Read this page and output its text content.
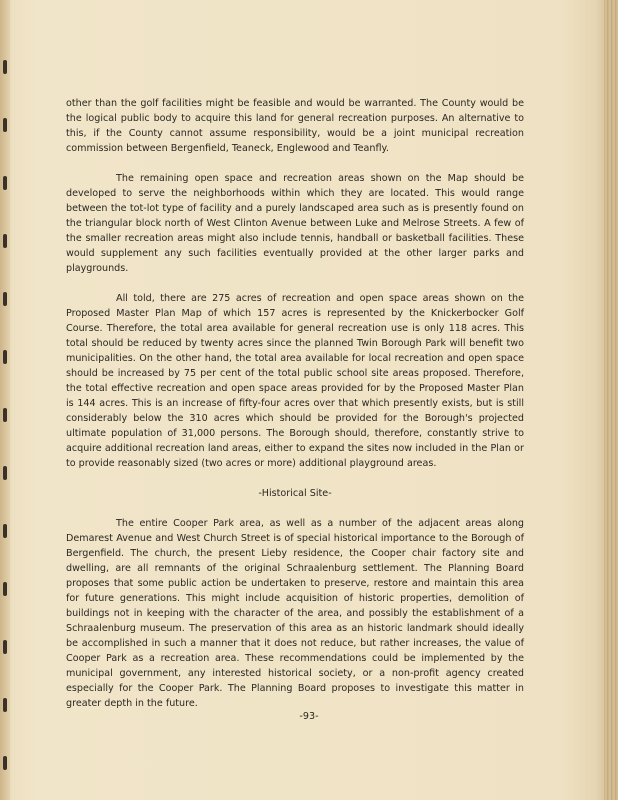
other than the golf facilities might be feasible and would be warranted. The County would be the logical public body to acquire this land for general recreation purposes. An alternative to this, if the County cannot assume responsibility, would be a joint municipal recreation commission between Bergenfield, Teaneck, Englewood and Teanfly.

The remaining open space and recreation areas shown on the Map should be developed to serve the neighborhoods within which they are located. This would range between the tot-lot type of facility and a purely landscaped area such as is presently found on the triangular block north of West Clinton Avenue between Luke and Melrose Streets. A few of the smaller recreation areas might also include tennis, handball or basketball facilities. These would supplement any such facilities eventually provided at the other larger parks and playgrounds.

All told, there are 275 acres of recreation and open space areas shown on the Proposed Master Plan Map of which 157 acres is represented by the Knickerbocker Golf Course. Therefore, the total area available for general recreation use is only 118 acres. This total should be reduced by twenty acres since the planned Twin Borough Park will benefit two municipalities. On the other hand, the total area available for local recreation and open space should be increased by 75 per cent of the total public school site areas proposed. Therefore, the total effective recreation and open space areas provided for by the Proposed Master Plan is 144 acres. This is an increase of fifty-four acres over that which presently exists, but is still considerably below the 310 acres which should be provided for the Borough's projected ultimate population of 31,000 persons. The Borough should, therefore, constantly strive to acquire additional recreation land areas, either to expand the sites now included in the Plan or to provide reasonably sized (two acres or more) additional playground areas.

-Historical Site-

The entire Cooper Park area, as well as a number of the adjacent areas along Demarest Avenue and West Church Street is of special historical importance to the Borough of Bergenfield. The church, the present Lieby residence, the Cooper chair factory site and dwelling, are all remnants of the original Schraalenburg settlement. The Planning Board proposes that some public action be undertaken to preserve, restore and maintain this area for future generations. This might include acquisition of historic properties, demolition of buildings not in keeping with the character of the area, and possibly the establishment of a Schraalenburg museum. The preservation of this area as an historic landmark should ideally be accomplished in such a manner that it does not reduce, but rather increases, the value of Cooper Park as a recreation area. These recommendations could be implemented by the municipal government, any interested historical society, or a non-profit agency created especially for the Cooper Park. The Planning Board proposes to investigate this matter in greater depth in the future.

-93-
